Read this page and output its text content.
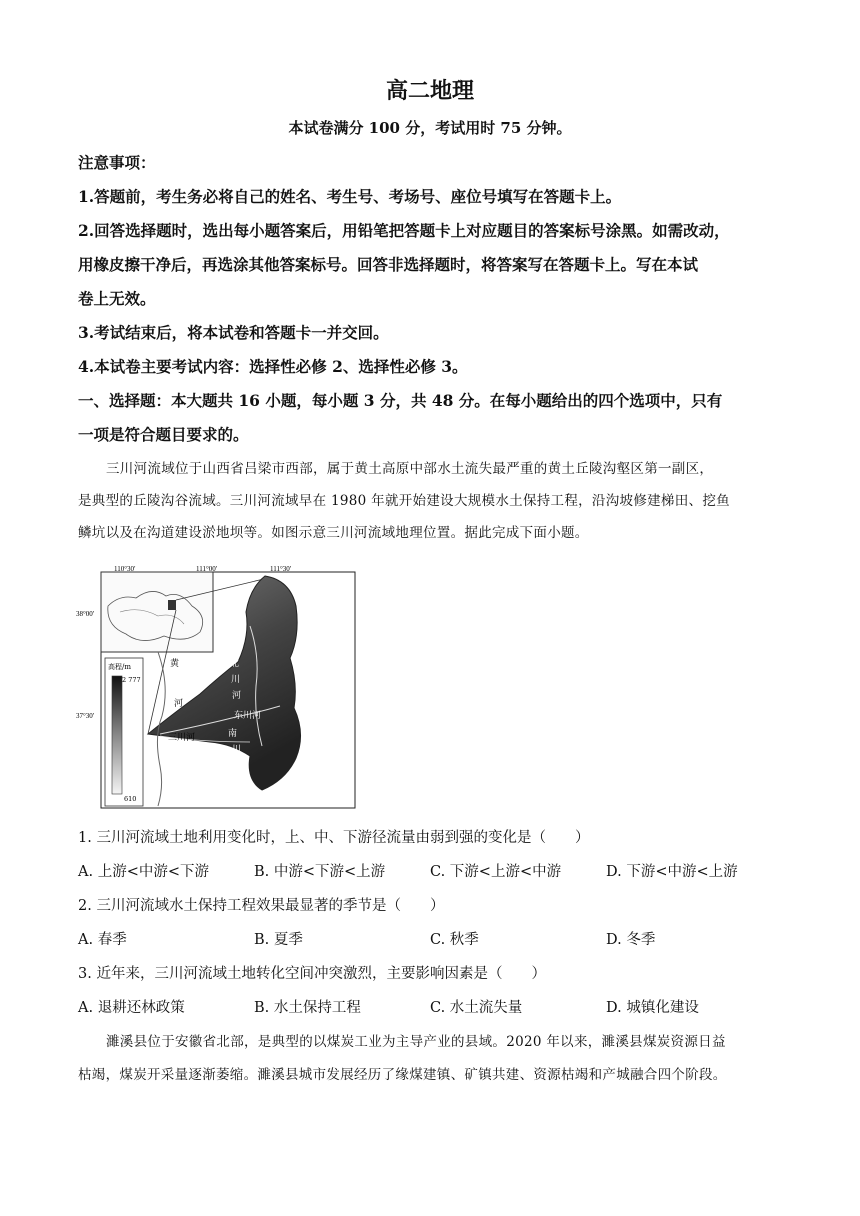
高二地理
本试卷满分 100 分，考试用时 75 分钟。
注意事项：
1.答题前，考生务必将自己的姓名、考生号、考场号、座位号填写在答题卡上。
2.回答选择题时，选出每小题答案后，用铅笔把答题卡上对应题目的答案标号涂黑。如需改动，
用橡皮擦干净后，再选涂其他答案标号。回答非选择题时，将答案写在答题卡上。写在本试
卷上无效。
3.考试结束后，将本试卷和答题卡一并交回。
4.本试卷主要考试内容：选择性必修 2、选择性必修 3。
一、选择题：本大题共 16 小题，每小题 3 分，共 48 分。在每小题给出的四个选项中，只有
一项是符合题目要求的。
三川河流域位于山西省吕梁市西部，属于黄土高原中部水土流失最严重的黄土丘陵沟壑区第一副区，
是典型的丘陵沟谷流域。三川河流域早在 1980 年就开始建设大规模水土保持工程，沿沟坡修建梯田、挖鱼
鳞坑以及在沟道建设淤地坝等。如图示意三川河流域地理位置。据此完成下面小题。
110°30′	111°00′	111°30′
38°00′
37°30′
高程/m
2 777
610
黄
河
北
川
河
东川河
三川河	南
川
河
1. 三川河流域土地利用变化时，上、中、下游径流量由弱到强的变化是（　　）
A. 上游<中游<下游	B. 中游<下游<上游	C. 下游<上游<中游	D. 下游<中游<上游
2. 三川河流域水土保持工程效果最显著的季节是（　　）
A. 春季	B. 夏季	C. 秋季	D. 冬季
3. 近年来，三川河流域土地转化空间冲突激烈，主要影响因素是（　　）
A. 退耕还林政策	B. 水土保持工程	C. 水土流失量	D. 城镇化建设
濉溪县位于安徽省北部，是典型的以煤炭工业为主导产业的县域。2020 年以来，濉溪县煤炭资源日益
枯竭，煤炭开采量逐渐萎缩。濉溪县城市发展经历了缘煤建镇、矿镇共建、资源枯竭和产城融合四个阶段。
